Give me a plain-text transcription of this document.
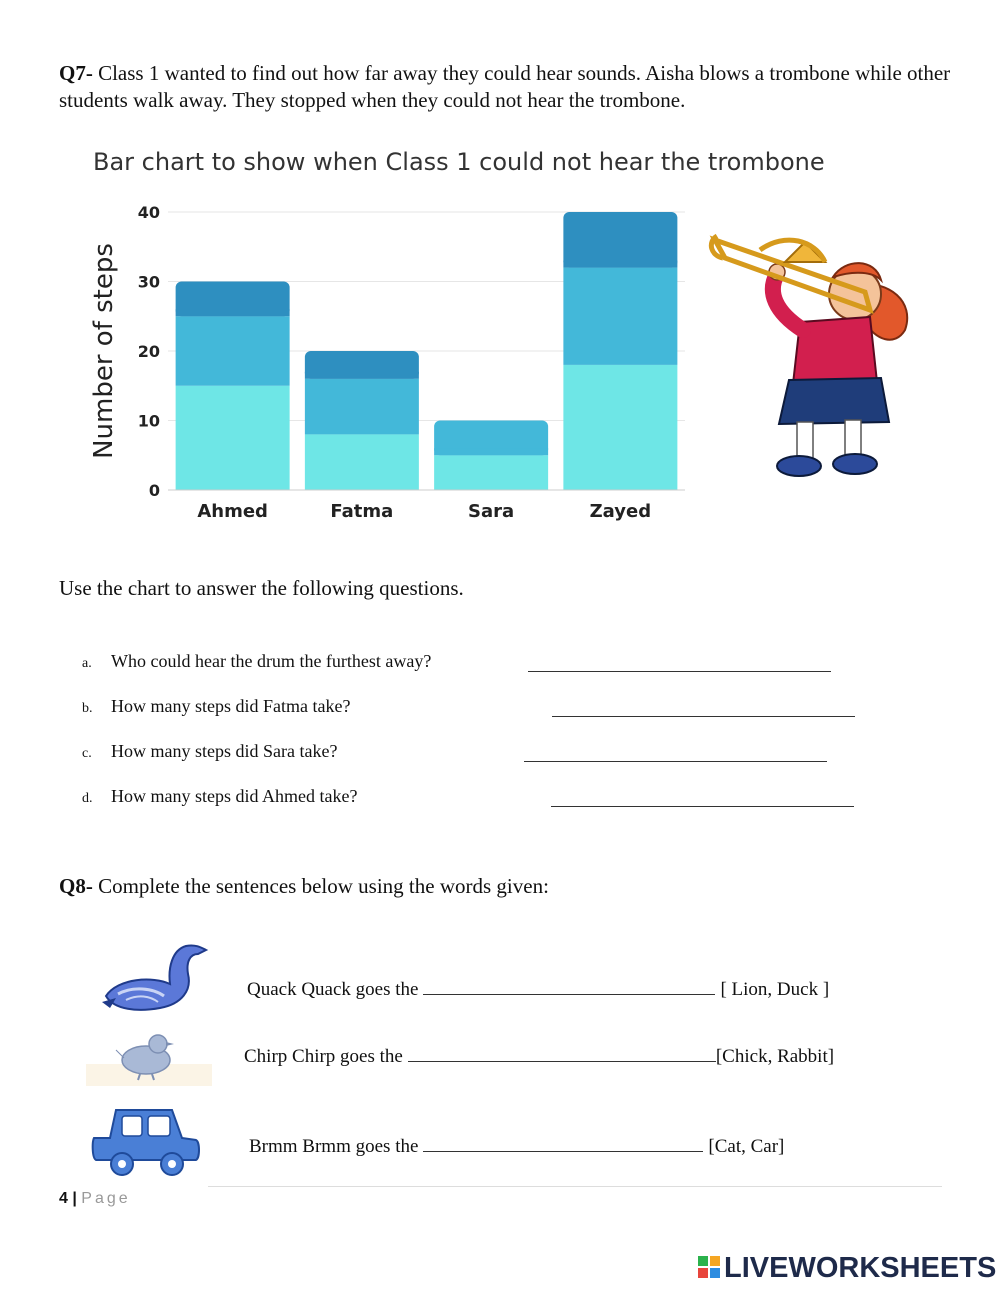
Q7- Class 1 wanted to find out how far away they could hear sounds. Aisha blows a trombone while other students walk away. They stopped when they could not hear the trombone.
Bar chart to show when Class 1 could not hear the trombone
0
10
20
30
40
Number of steps
Ahmed	Fatma	Sara	Zayed
Use the chart to answer the following questions.
a.	Who could hear the drum the furthest away?
b.	How many steps did Fatma take?
c.	How many steps did Sara take?
d.	How many steps did Ahmed take?
Q8- Complete the sentences below using the words given:
Quack Quack goes the	[ Lion, Duck ]
Chirp Chirp goes the	[Chick, Rabbit]
Brmm Brmm goes the	[Cat, Car]
4 | Page
LIVEWORKSHEETS
